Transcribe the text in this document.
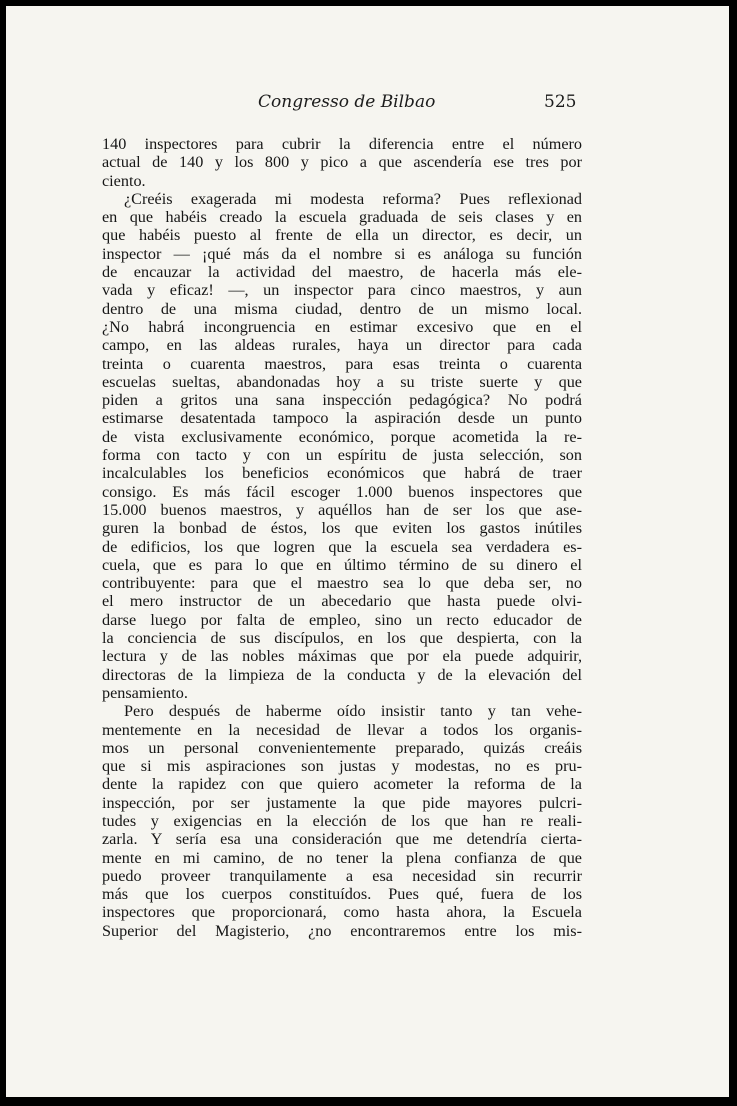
Congresso de Bilbao	525
140 inspectores para cubrir la diferencia entre el número
actual de 140 y los 800 y pico a que ascendería ese tres por
ciento.
¿Creéis exagerada mi modesta reforma? Pues reflexionad
en que habéis creado la escuela graduada de seis clases y en
que habéis puesto al frente de ella un director, es decir, un
inspector — ¡qué más da el nombre si es análoga su función
de encauzar la actividad del maestro, de hacerla más ele-
vada y eficaz! —, un inspector para cinco maestros, y aun
dentro de una misma ciudad, dentro de un mismo local.
¿No habrá incongruencia en estimar excesivo que en el
campo, en las aldeas rurales, haya un director para cada
treinta o cuarenta maestros, para esas treinta o cuarenta
escuelas sueltas, abandonadas hoy a su triste suerte y que
piden a gritos una sana inspección pedagógica? No podrá
estimarse desatentada tampoco la aspiración desde un punto
de vista exclusivamente económico, porque acometida la re-
forma con tacto y con un espíritu de justa selección, son
incalculables los beneficios económicos que habrá de traer
consigo. Es más fácil escoger 1.000 buenos inspectores que
15.000 buenos maestros, y aquéllos han de ser los que ase-
guren la bonbad de éstos, los que eviten los gastos inútiles
de edificios, los que logren que la escuela sea verdadera es-
cuela, que es para lo que en último término de su dinero el
contribuyente: para que el maestro sea lo que deba ser, no
el mero instructor de un abecedario que hasta puede olvi-
darse luego por falta de empleo, sino un recto educador de
la conciencia de sus discípulos, en los que despierta, con la
lectura y de las nobles máximas que por ela puede adquirir,
directoras de la limpieza de la conducta y de la elevación del
pensamiento.
Pero después de haberme oído insistir tanto y tan vehe-
mentemente en la necesidad de llevar a todos los organis-
mos un personal convenientemente preparado, quizás creáis
que si mis aspiraciones son justas y modestas, no es pru-
dente la rapidez con que quiero acometer la reforma de la
inspección, por ser justamente la que pide mayores pulcri-
tudes y exigencias en la elección de los que han re reali-
zarla. Y sería esa una consideración que me detendría cierta-
mente en mi camino, de no tener la plena confianza de que
puedo proveer tranquilamente a esa necesidad sin recurrir
más que los cuerpos constituídos. Pues qué, fuera de los
inspectores que proporcionará, como hasta ahora, la Escuela
Superior del Magisterio, ¿no encontraremos entre los mis-
